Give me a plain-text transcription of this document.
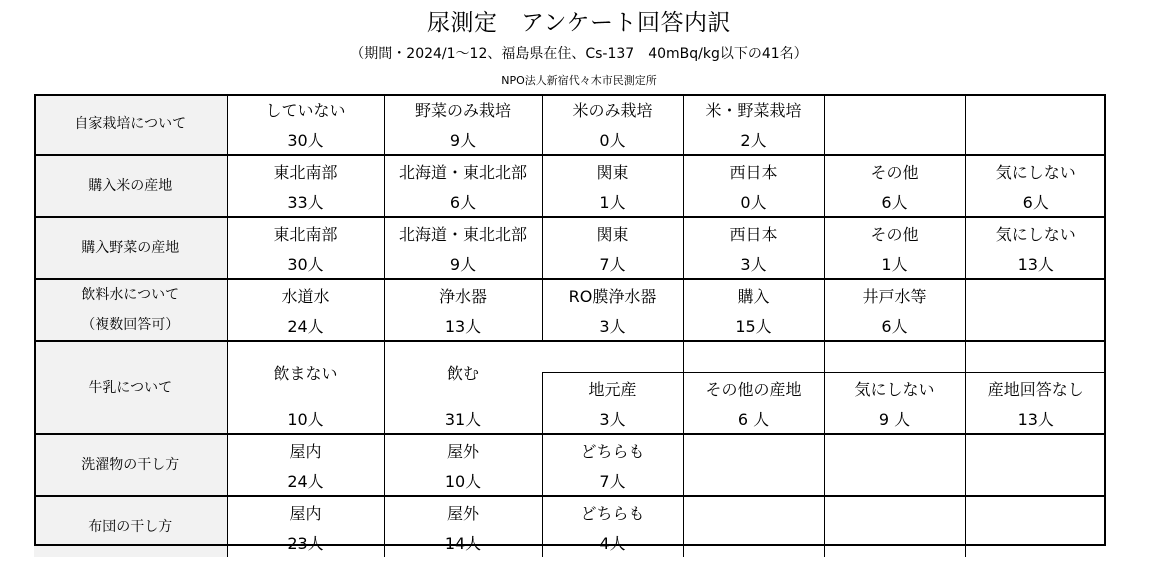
尿測定　アンケート回答内訳
（期間・2024/1～12、福島県在住、Cs-137　40mBq/kg以下の41名）
NPO法人新宿代々木市民測定所
自家栽培について	していない	野菜のみ栽培	米のみ栽培	米・野菜栽培		
	30人	9人	0人	2人		
購入米の産地	東北南部	北海道・東北北部	関東	西日本	その他	気にしない
	33人	6人	1人	0人	6人	6人
購入野菜の産地	東北南部	北海道・東北北部	関東	西日本	その他	気にしない
	30人	9人	7人	3人	1人	13人
飲料水について	水道水	浄水器	RO膜浄水器	購入	井戸水等	
（複数回答可）	24人	13人	3人	15人	6人	
牛乳について	飲まない	飲む				
			地元産	その他の産地	気にしない	産地回答なし
	10人	31人	3人	6 人	9 人	13人
洗濯物の干し方	屋内	屋外	どちらも			
	24人	10人	7人			
布団の干し方	屋内	屋外	どちらも			
	23人	14人	4人			
